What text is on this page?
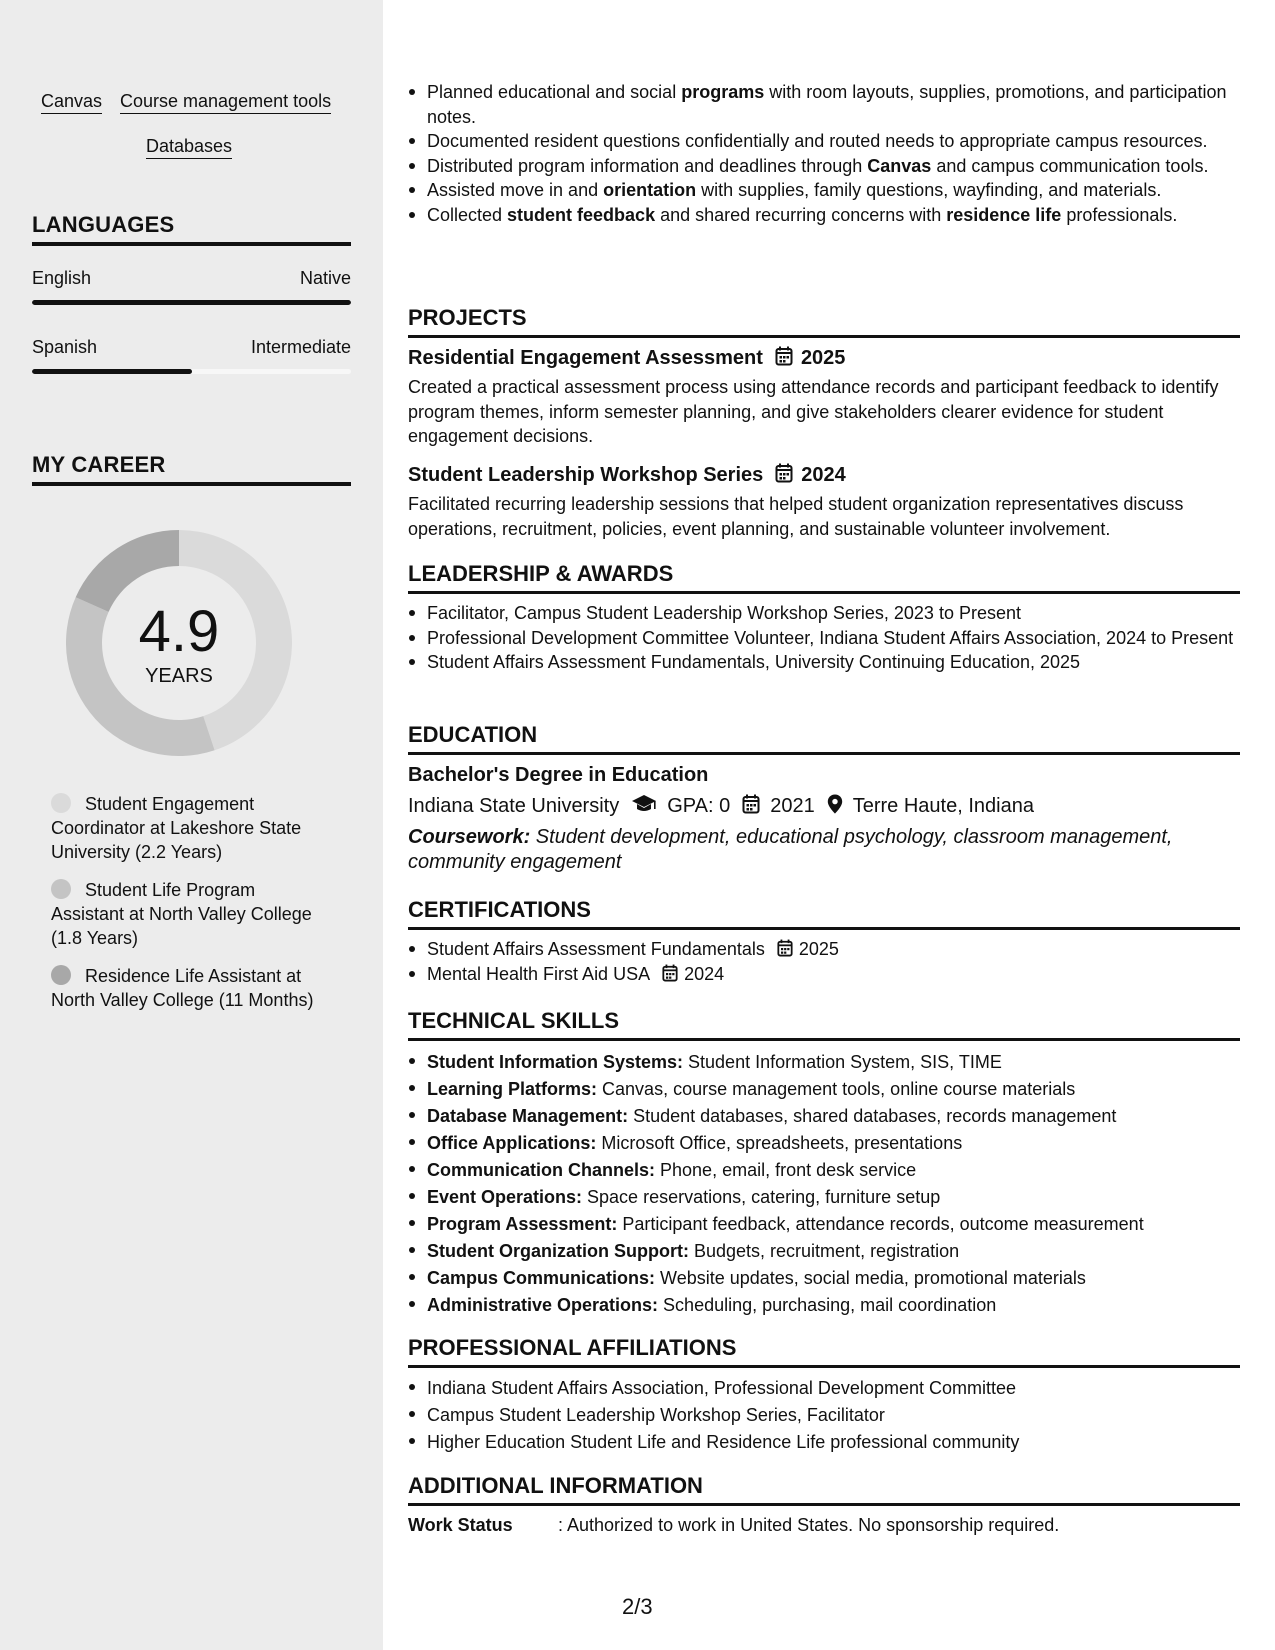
Canvas Course management tools
Databases
LANGUAGES
English	Native
Spanish	Intermediate
MY CAREER
4.9
YEARS
Student Engagement Coordinator at Lakeshore State University (2.2 Years)
Student Life Program Assistant at North Valley College (1.8 Years)
Residence Life Assistant at North Valley College (11 Months)
Planned educational and social programs with room layouts, supplies, promotions, and participation notes.
Documented resident questions confidentially and routed needs to appropriate campus resources.
Distributed program information and deadlines through Canvas and campus communication tools.
Assisted move in and orientation with supplies, family questions, wayfinding, and materials.
Collected student feedback and shared recurring concerns with residence life professionals.
PROJECTS
Residential Engagement Assessment 2025
Created a practical assessment process using attendance records and participant feedback to identify program themes, inform semester planning, and give stakeholders clearer evidence for student engagement decisions.
Student Leadership Workshop Series 2024
Facilitated recurring leadership sessions that helped student organization representatives discuss operations, recruitment, policies, event planning, and sustainable volunteer involvement.
LEADERSHIP & AWARDS
Facilitator, Campus Student Leadership Workshop Series, 2023 to Present
Professional Development Committee Volunteer, Indiana Student Affairs Association, 2024 to Present
Student Affairs Assessment Fundamentals, University Continuing Education, 2025
EDUCATION
Bachelor's Degree in Education
Indiana State University GPA: 0 2021 Terre Haute, Indiana
Coursework: Student development, educational psychology, classroom management, community engagement
CERTIFICATIONS
Student Affairs Assessment Fundamentals 2025
Mental Health First Aid USA 2024
TECHNICAL SKILLS
Student Information Systems: Student Information System, SIS, TIME
Learning Platforms: Canvas, course management tools, online course materials
Database Management: Student databases, shared databases, records management
Office Applications: Microsoft Office, spreadsheets, presentations
Communication Channels: Phone, email, front desk service
Event Operations: Space reservations, catering, furniture setup
Program Assessment: Participant feedback, attendance records, outcome measurement
Student Organization Support: Budgets, recruitment, registration
Campus Communications: Website updates, social media, promotional materials
Administrative Operations: Scheduling, purchasing, mail coordination
PROFESSIONAL AFFILIATIONS
Indiana Student Affairs Association, Professional Development Committee
Campus Student Leadership Workshop Series, Facilitator
Higher Education Student Life and Residence Life professional community
ADDITIONAL INFORMATION
Work Status	: Authorized to work in United States. No sponsorship required.
2/3
